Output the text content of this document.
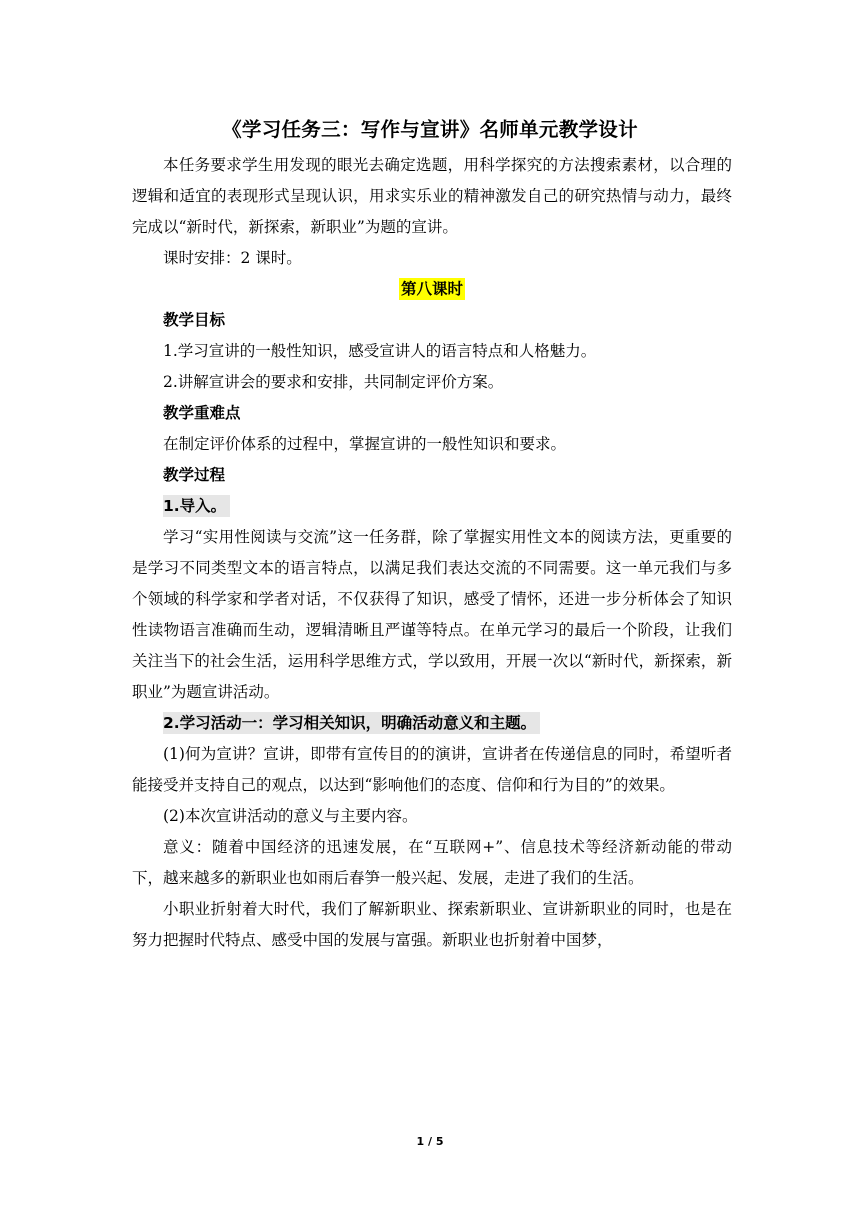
《学习任务三：写作与宣讲》名师单元教学设计

本任务要求学生用发现的眼光去确定选题，用科学探究的方法搜索素材，以合理的逻辑和适宜的表现形式呈现认识，用求实乐业的精神激发自己的研究热情与动力，最终完成以“新时代，新探索，新职业”为题的宣讲。

课时安排：2 课时。

第八课时

教学目标

1.学习宣讲的一般性知识，感受宣讲人的语言特点和人格魅力。

2.讲解宣讲会的要求和安排，共同制定评价方案。

教学重难点

在制定评价体系的过程中，掌握宣讲的一般性知识和要求。

教学过程

1.导入。

学习“实用性阅读与交流”这一任务群，除了掌握实用性文本的阅读方法，更重要的是学习不同类型文本的语言特点，以满足我们表达交流的不同需要。这一单元我们与多个领域的科学家和学者对话，不仅获得了知识，感受了情怀，还进一步分析体会了知识性读物语言准确而生动，逻辑清晰且严谨等特点。在单元学习的最后一个阶段，让我们关注当下的社会生活，运用科学思维方式，学以致用，开展一次以“新时代，新探索，新职业”为题宣讲活动。

2.学习活动一：学习相关知识，明确活动意义和主题。

(1)何为宣讲？宣讲，即带有宣传目的的演讲，宣讲者在传递信息的同时，希望听者能接受并支持自己的观点，以达到“影响他们的态度、信仰和行为目的”的效果。

(2)本次宣讲活动的意义与主要内容。

意义：随着中国经济的迅速发展，在“互联网+”、信息技术等经济新动能的带动下，越来越多的新职业也如雨后春笋一般兴起、发展，走进了我们的生活。

小职业折射着大时代，我们了解新职业、探索新职业、宣讲新职业的同时，也是在努力把握时代特点、感受中国的发展与富强。新职业也折射着中国梦，

1 / 5
